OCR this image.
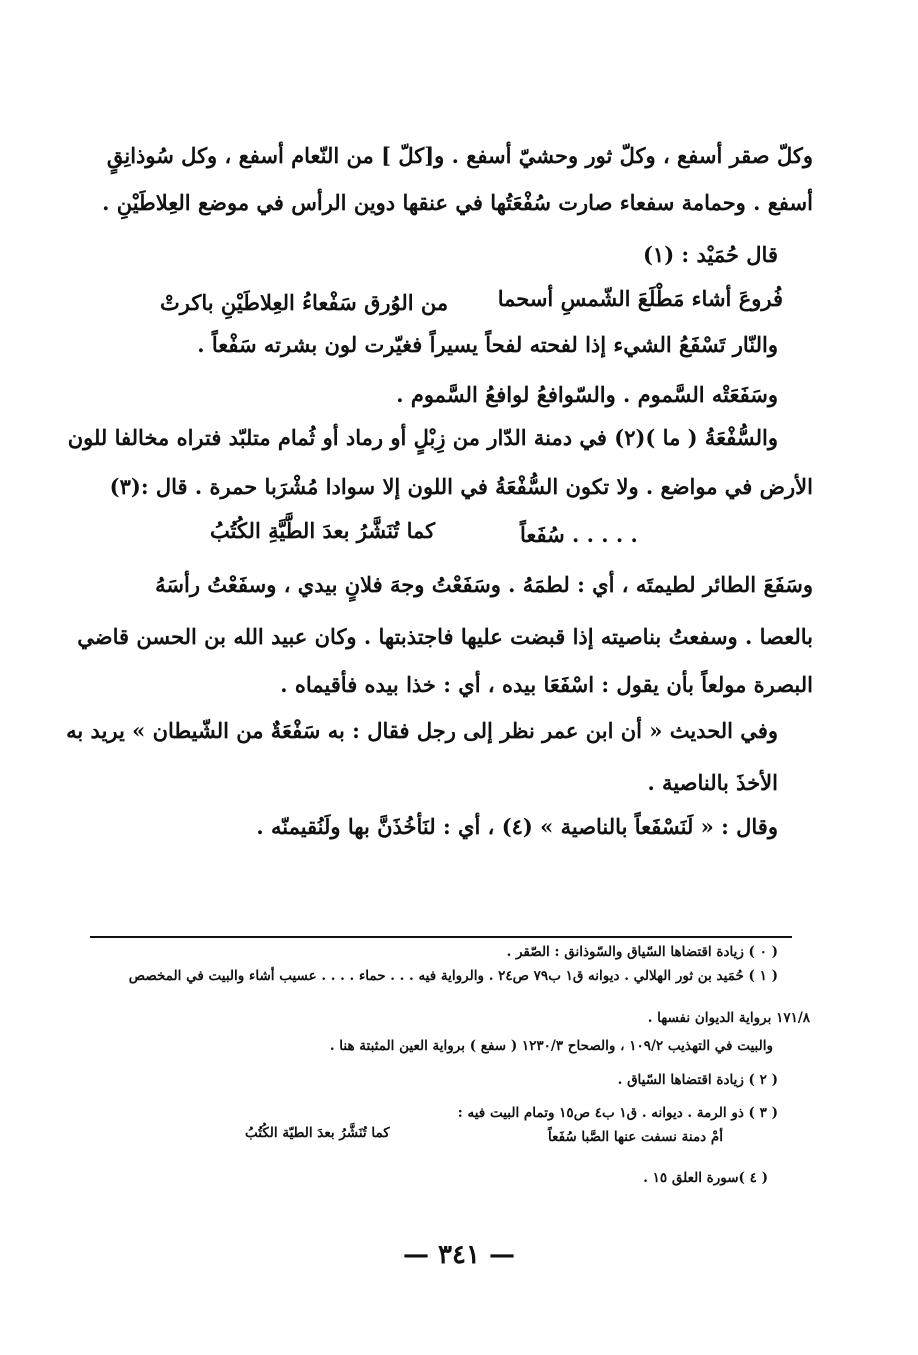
وكلّ صقر أسفع ، وكلّ ثور وحشيّ أسفع . و[كلّ ] من النّعام أسفع ، وكل سُوذانِقٍ
أسفع . وحمامة سفعاء صارت سُفْعَتُها في عنقها دوين الرأس في موضع العِلاطَيْنِ .
قال حُمَيْد : (١)
فُروعَ أشاء مَطْلَعَ الشّمسِ أسحما
من الوُرق سَفْعاءُ العِلاطَيْنِ باكرتْ
والنّار تَسْفَعُ الشيء إذا لفحته لفحاً يسيراً فغيّرت لون بشرته سَفْعاً .
وسَفَعَتْه السَّموم . والسّوافعُ لوافعُ السَّموم .
والسُّفْعَةُ ( ما )(٢) في دمنة الدّار من زِبْلٍ أو رماد أو ثُمام متلبّد فتراه مخالفا للون
الأرض في مواضع . ولا تكون السُّفْعَةُ في اللون إلا سوادا مُشْرَبا حمرة . قال :(٣)
. . . . . سُفَعاً
كما تُنَشَّرُ بعدَ الطَّيَّةِ الكُتُبُ
وسَفَعَ الطائر لطيمتَه ، أي : لطمَهُ . وسَفَعْتُ وجهَ فلانٍ بيدي ، وسفَعْتُ رأسَهُ
بالعصا . وسفعتُ بناصيته إذا قبضت عليها فاجتذبتها . وكان عبيد الله بن الحسن قاضي
البصرة مولعاً بأن يقول : اسْفَعَا بيده ، أي : خذا بيده فأقيماه .
وفي الحديث « أن ابن عمر نظر إلى رجل فقال : به سَفْعَةٌ من الشّيطان » يريد به
الأخذَ بالناصية .
وقال : « لَنَسْفَعاً بالناصية » (٤) ، أي : لنَأخُذَنَّ بها ولَنُقيمنّه .
( ٠ ) زيادة اقتضاها السّياق والسّوذانق : الصّقر .
( ١ ) حُمَيد بن ثور الهلالي . ديوانه ق١ ب٧٩ ص٢٤ . والرواية فيه . . . حماء . . . . عسيب أشاء والبيت في المخصص
١٧١/٨ برواية الديوان نفسها .
والبيت في التهذيب ١٠٩/٢ ، والصحاح ١٢٣٠/٣ ( سفع ) برواية العين المثبتة هنا .
( ٢ ) زيادة اقتضاها السّياق .
( ٣ ) ذو الرمة . ديوانه . ق١ ب٤ ص١٥ وتمام البيت فيه :
أمْ دمنة نسفت عنها الصَّبا سُفَعاً
كما تُنَشَّرُ بعدَ الطيّة الكُتُبُ
( ٤ )سورة العلق ١٥ .
— ٣٤١ —
